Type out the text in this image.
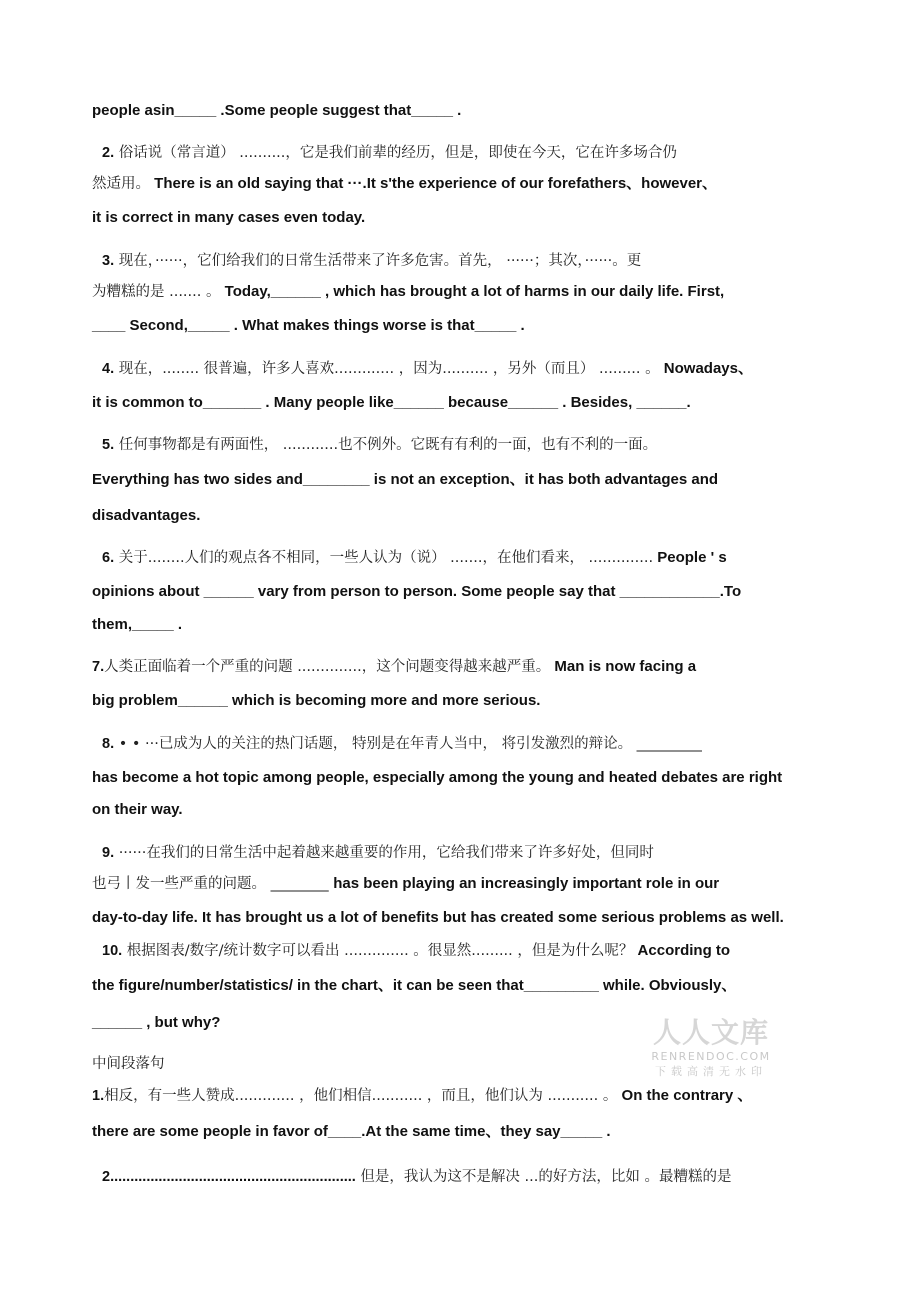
people asin_____ .Some people suggest that_____ .
2. 俗话说（常言道） ..........，它是我们前辈的经历，但是，即使在今天，它在许多场合仍
然适用。 There is an old saying that ···.It s'the experience of our forefathers、however、
it is correct in many cases even today.
3. 现在，······，它们给我们的日常生活带来了许多危害。首先， ······；其次，······。更
为糟糕的是 ....... 。 Today,______ , which has brought a lot of harms in our daily life. First,
____ Second,_____ . What makes things worse is that_____ .
4. 现在，........ 很普遍，许多人喜欢............. ，因为.......... ，另外（而且） ......... 。 Nowadays、
it is common to_______ . Many people like______ because______ . Besides, ______.
5. 任何事物都是有两面性， ............也不例外。它既有有利的一面，也有不利的一面。
Everything has two sides and________ is not an exception、it has both advantages and
disadvantages.
6. 关于........人们的观点各不相同，一些人认为（说） .......，在他们看来， .............. People ' s
opinions about ______ vary from person to person. Some people say that ____________.To
them,_____ .
7.人类正面临着一个严重的问题 ..............，这个问题变得越来越严重。 Man is now facing a
big problem______ which is becoming more and more serious.
8. • • ···已成为人的关注的热门话题， 特别是在年青人当中， 将引发激烈的辩论。 _________
has become a hot topic among people, especially among the young and heated debates are right
on their way.
9. ······在我们的日常生活中起着越来越重要的作用，它给我们带来了许多好处，但同时
也弓丨发一些严重的问题。 ________ has been playing an increasingly important role in our
day-to-day life. It has brought us a lot of benefits but has created some serious problems as well.
10. 根据图表/数字/统计数字可以看出 .............. 。很显然......... ，但是为什么呢？ According to
the figure/number/statistics/ in the chart、it can be seen that_________ while. Obviously、
______ , but why?
中间段落句
1.相反，有一些人赞成............. ，他们相信........... ，而且，他们认为 ........... 。 On the contrary 、
there are some people in favor of____.At the same time、they say_____ .
2............................................................. 但是，我认为这不是解决 ...的好方法，比如 。最糟糕的是
人人文库
RENRENDOC.COM
下载高清无水印
